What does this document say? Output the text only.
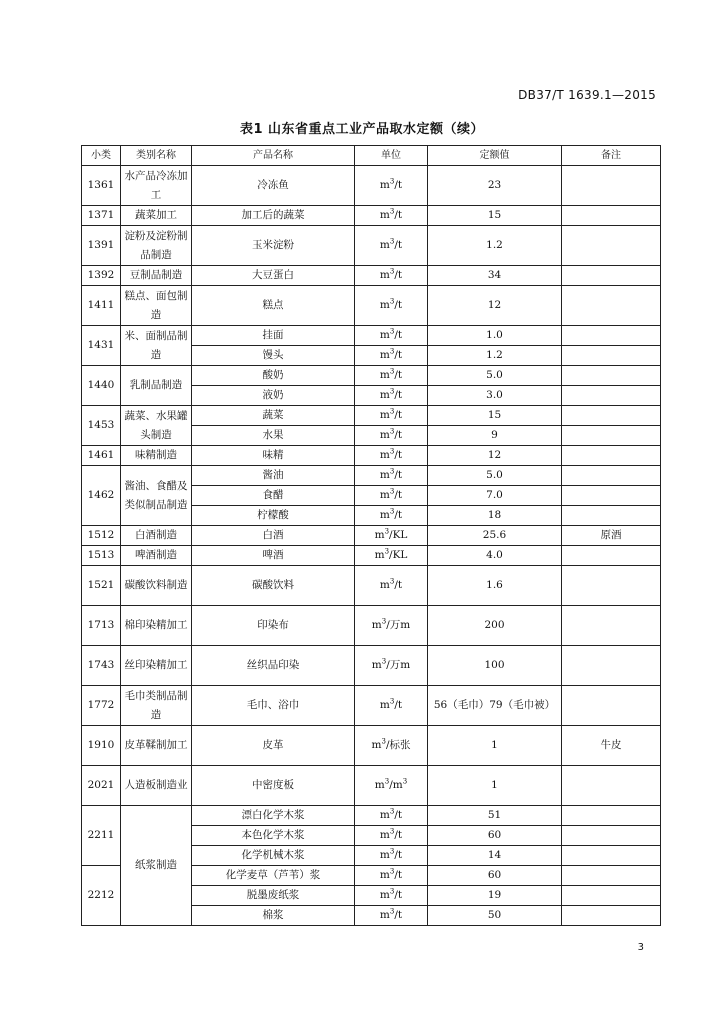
DB37/T 1639.1—2015
表1 山东省重点工业产品取水定额（续）
小类	类别名称	产品名称	单位	定额值	备注
1361	水产品冷冻加工	冷冻鱼	$m^3/t$	23	
1371	蔬菜加工	加工后的蔬菜	$m^3/t$	15	
1391	淀粉及淀粉制品制造	玉米淀粉	$m^3/t$	1.2	
1392	豆制品制造	大豆蛋白	$m^3/t$	34	
1411	糕点、面包制造	糕点	$m^3/t$	12	
1431	米、面制品制造	挂面	$m^3/t$	1.0	
		馒头	$m^3/t$	1.2	
1440	乳制品制造	酸奶	$m^3/t$	5.0	
		液奶	$m^3/t$	3.0	
1453	蔬菜、水果罐头制造	蔬菜	$m^3/t$	15	
		水果	$m^3/t$	9	
1461	味精制造	味精	$m^3/t$	12	
1462	酱油、食醋及类似制品制造	酱油	$m^3/t$	5.0	
		食醋	$m^3/t$	7.0	
		柠檬酸	$m^3/t$	18	
1512	白酒制造	白酒	$m^3/KL$	25.6	原酒
1513	啤酒制造	啤酒	$m^3/KL$	4.0	
1521	碳酸饮料制造	碳酸饮料	$m^3/t$	1.6	
1713	棉印染精加工	印染布	$m^3/$万m	200	
1743	丝印染精加工	丝织品印染	$m^3/$万m	100	
1772	毛巾类制品制造	毛巾、浴巾	$m^3/t$	56（毛巾）79（毛巾被）	
1910	皮革鞣制加工	皮革	$m^3/$标张	1	牛皮
2021	人造板制造业	中密度板	$m^3/m^3$	1	
2211	纸浆制造	漂白化学木浆	$m^3/t$	51	
		本色化学木浆	$m^3/t$	60	
		化学机械木浆	$m^3/t$	14	
2212		化学麦草（芦苇）浆	$m^3/t$	60	
		脱墨废纸浆	$m^3/t$	19	
		棉浆	$m^3/t$	50	
3
